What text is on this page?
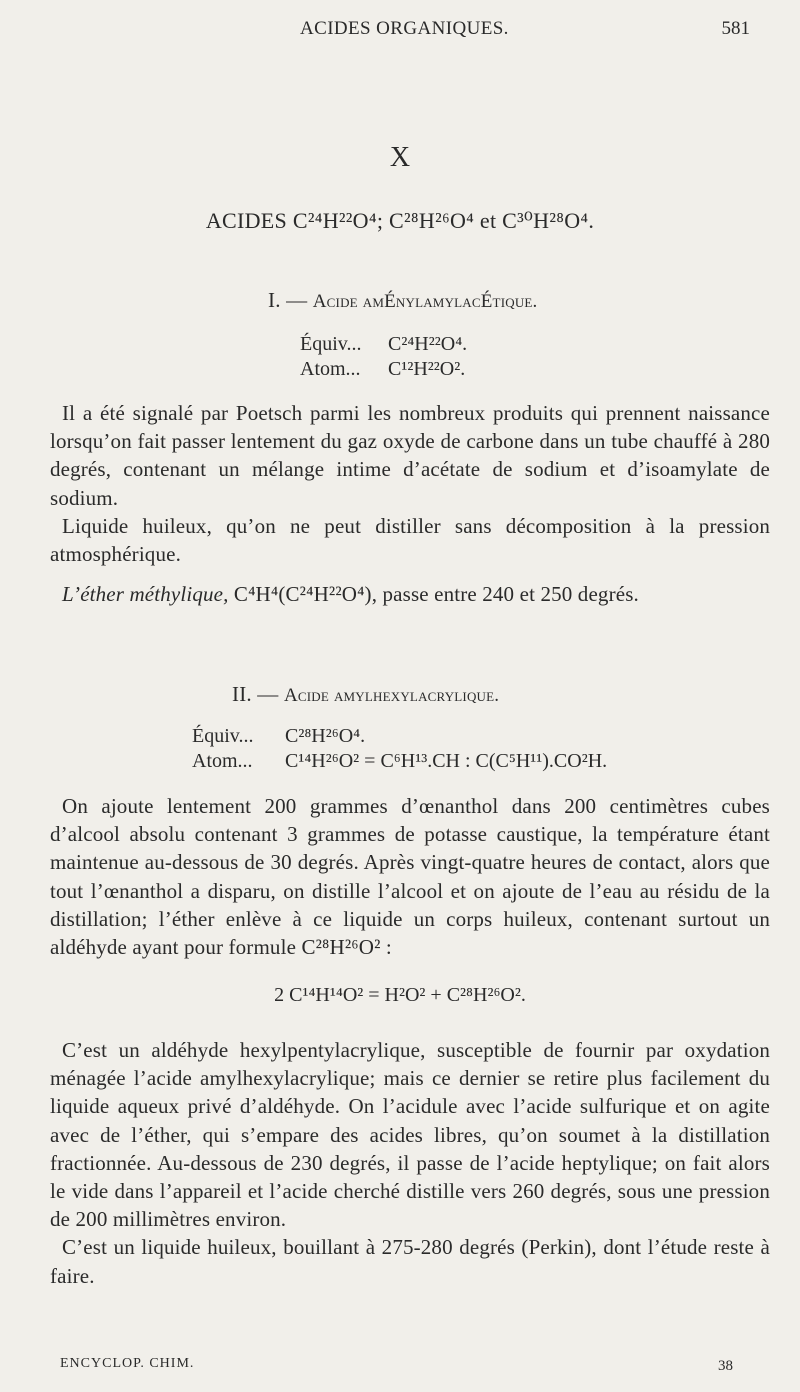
ACIDES ORGANIQUES.	581
X
ACIDES C²⁴H²²O⁴; C²⁸H²⁶O⁴ et C³⁰H²⁸O⁴.
I. — Acide amÉnylamylacÉtique.
Équiv... C²⁴H²²O⁴.
Atom... C¹²H²²O².

Il a été signalé par Poetsch parmi les nombreux produits qui prennent naissance lorsqu’on fait passer lentement du gaz oxyde de carbone dans un tube chauffé à 280 degrés, contenant un mélange intime d’acétate de sodium et d’isoamylate de sodium.

Liquide huileux, qu’on ne peut distiller sans décomposition à la pression atmosphérique.

L’éther méthylique, C⁴H⁴(C²⁴H²²O⁴), passe entre 240 et 250 degrés.

II. — Acide amylhexylacrylique.
Équiv... C²⁸H²⁶O⁴.
Atom... C¹⁴H²⁶O² = C⁶H¹³.CH : C(C⁵H¹¹).CO²H.

On ajoute lentement 200 grammes d’œnanthol dans 200 centimètres cubes d’alcool absolu contenant 3 grammes de potasse caustique, la température étant maintenue au-dessous de 30 degrés. Après vingt-quatre heures de contact, alors que tout l’œnanthol a disparu, on distille l’alcool et on ajoute de l’eau au résidu de la distillation; l’éther enlève à ce liquide un corps huileux, contenant surtout un aldéhyde ayant pour formule C²⁸H²⁶O² :

2 C¹⁴H¹⁴O² = H²O² + C²⁸H²⁶O².

C’est un aldéhyde hexylpentylacrylique, susceptible de fournir par oxydation ménagée l’acide amylhexylacrylique; mais ce dernier se retire plus facilement du liquide aqueux privé d’aldéhyde. On l’acidule avec l’acide sulfurique et on agite avec de l’éther, qui s’empare des acides libres, qu’on soumet à la distillation fractionnée. Au-dessous de 230 degrés, il passe de l’acide heptylique; on fait alors le vide dans l’appareil et l’acide cherché distille vers 260 degrés, sous une pression de 200 millimètres environ.

C’est un liquide huileux, bouillant à 275-280 degrés (Perkin), dont l’étude reste à faire.

ENCYCLOP. CHIM.	38
